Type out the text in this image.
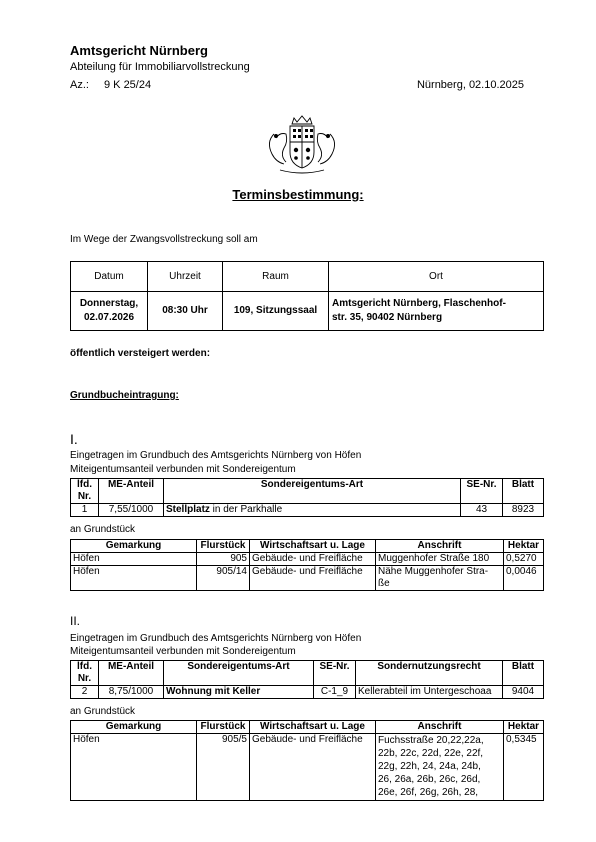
Amtsgericht Nürnberg
Abteilung für Immobiliarvollstreckung
Az.: 9 K 25/24	Nürnberg, 02.10.2025
Terminsbestimmung:
Im Wege der Zwangsvollstreckung soll am
Datum	Uhrzeit	Raum	Ort
Donnerstag,
02.07.2026	08:30 Uhr	109, Sitzungssaal	Amtsgericht Nürnberg, Flaschenhof-
str. 35, 90402 Nürnberg
öffentlich versteigert werden:
Grundbucheintragung:
I.
Eingetragen im Grundbuch des Amtsgerichts Nürnberg von Höfen
Miteigentumsanteil verbunden mit Sondereigentum
lfd.
Nr.	ME-Anteil	Sondereigentums-Art	SE-Nr.	Blatt
1	7,55/1000	Stellplatz in der Parkhalle	43	8923
an Grundstück
Gemarkung	Flurstück	Wirtschaftsart u. Lage	Anschrift	Hektar
Höfen	905	Gebäude- und Freifläche	Muggenhofer Straße 180	0,5270
Höfen	905/14	Gebäude- und Freifläche	Nähe Muggenhofer Stra-
ße	0,0046
II.
Eingetragen im Grundbuch des Amtsgerichts Nürnberg von Höfen
Miteigentumsanteil verbunden mit Sondereigentum
lfd.
Nr.	ME-Anteil	Sondereigentums-Art	SE-Nr.	Sondernutzungsrecht	Blatt
2	8,75/1000	Wohnung mit Keller	C-1_9	Kellerabteil im Untergeschoaa	9404
an Grundstück
Gemarkung	Flurstück	Wirtschaftsart u. Lage	Anschrift	Hektar
Höfen	905/5	Gebäude- und Freifläche	Fuchsstraße 20,22,22a,
22b, 22c, 22d, 22e, 22f,
22g, 22h, 24, 24a, 24b,
26, 26a, 26b, 26c, 26d,
26e, 26f, 26g, 26h, 28,	0,5345
